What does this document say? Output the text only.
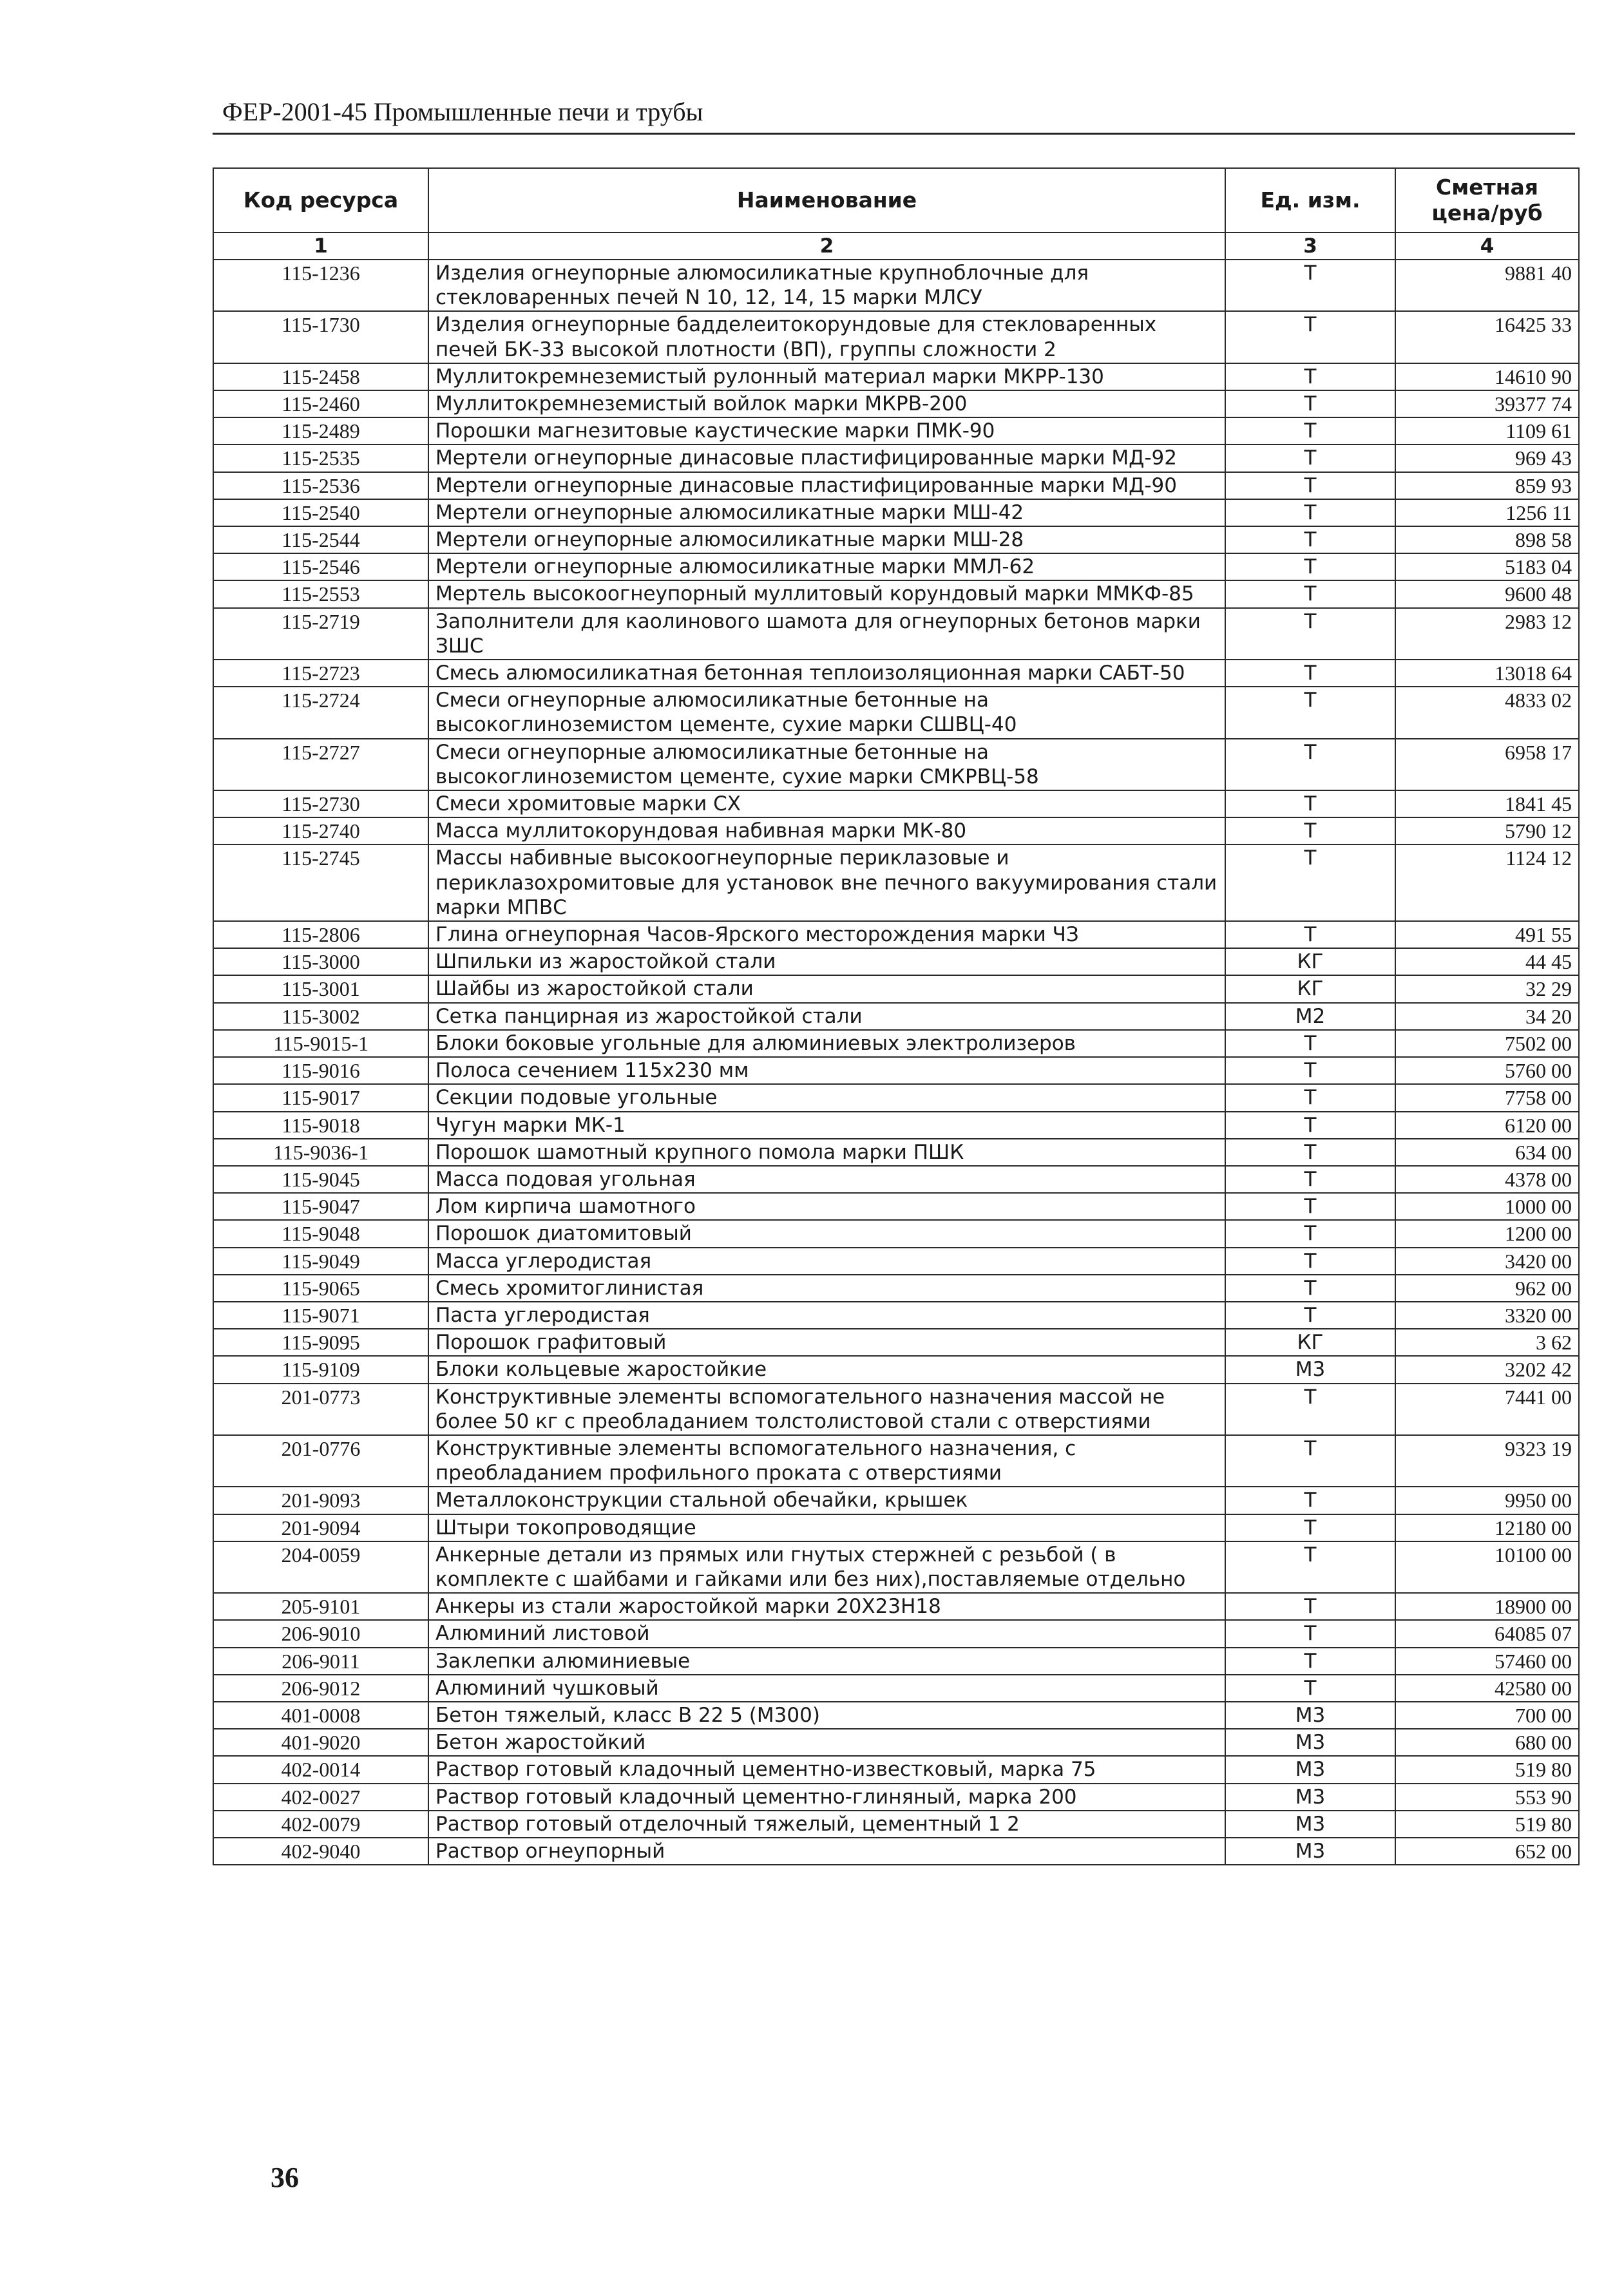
ФЕР-2001-45 Промышленные печи и трубы
Код ресурса	Наименование	Ед. изм.	Сметная цена/руб
1	2	3	4
115-1236	Изделия огнеупорные алюмосиликатные крупноблочные для стекловаренных печей N 10, 12, 14, 15 марки МЛСУ	Т	9881 40
115-1730	Изделия огнеупорные бадделеитокорундовые для стекловаренных печей БК-33 высокой плотности (ВП), группы сложности 2	Т	16425 33
115-2458	Муллитокремнеземистый рулонный материал марки МКРР-130	Т	14610 90
115-2460	Муллитокремнеземистый войлок марки МКРВ-200	Т	39377 74
115-2489	Порошки магнезитовые каустические марки ПМК-90	Т	1109 61
115-2535	Мертели огнеупорные динасовые пластифицированные марки МД-92	Т	969 43
115-2536	Мертели огнеупорные динасовые пластифицированные марки МД-90	Т	859 93
115-2540	Мертели огнеупорные алюмосиликатные марки МШ-42	Т	1256 11
115-2544	Мертели огнеупорные алюмосиликатные марки МШ-28	Т	898 58
115-2546	Мертели огнеупорные алюмосиликатные марки ММЛ-62	Т	5183 04
115-2553	Мертель высокоогнеупорный муллитовый корундовый марки ММКФ-85	Т	9600 48
115-2719	Заполнители для каолинового шамота для огнеупорных бетонов марки ЗШС	Т	2983 12
115-2723	Смесь алюмосиликатная бетонная теплоизоляционная марки САБТ-50	Т	13018 64
115-2724	Смеси огнеупорные алюмосиликатные бетонные на высокоглиноземистом цементе, сухие марки СШВЦ-40	Т	4833 02
115-2727	Смеси огнеупорные алюмосиликатные бетонные на высокоглиноземистом цементе, сухие марки СМКРВЦ-58	Т	6958 17
115-2730	Смеси хромитовые марки СХ	Т	1841 45
115-2740	Масса муллитокорундовая набивная марки МК-80	Т	5790 12
115-2745	Массы набивные высокоогнеупорные периклазовые и периклазохромитовые для установок вне печного вакуумирования стали марки МПВС	Т	1124 12
115-2806	Глина огнеупорная Часов-Ярского месторождения марки ЧЗ	Т	491 55
115-3000	Шпильки из жаростойкой стали	КГ	44 45
115-3001	Шайбы из жаростойкой стали	КГ	32 29
115-3002	Сетка панцирная из жаростойкой стали	М2	34 20
115-9015-1	Блоки боковые угольные для алюминиевых электролизеров	Т	7502 00
115-9016	Полоса сечением 115х230 мм	Т	5760 00
115-9017	Секции подовые угольные	Т	7758 00
115-9018	Чугун марки МК-1	Т	6120 00
115-9036-1	Порошок шамотный крупного помола марки ПШК	Т	634 00
115-9045	Масса подовая угольная	Т	4378 00
115-9047	Лом кирпича шамотного	Т	1000 00
115-9048	Порошок диатомитовый	Т	1200 00
115-9049	Масса углеродистая	Т	3420 00
115-9065	Смесь хромитоглинистая	Т	962 00
115-9071	Паста углеродистая	Т	3320 00
115-9095	Порошок графитовый	КГ	3 62
115-9109	Блоки кольцевые жаростойкие	М3	3202 42
201-0773	Конструктивные элементы вспомогательного назначения массой не более 50 кг с преобладанием толстолистовой стали с отверстиями	Т	7441 00
201-0776	Конструктивные элементы вспомогательного назначения, с преобладанием профильного проката с отверстиями	Т	9323 19
201-9093	Металлоконструкции стальной обечайки, крышек	Т	9950 00
201-9094	Штыри токопроводящие	Т	12180 00
204-0059	Анкерные детали из прямых или гнутых стержней с резьбой ( в комплекте с шайбами и гайками или без них),поставляемые отдельно	Т	10100 00
205-9101	Анкеры из стали жаростойкой марки 20Х23Н18	Т	18900 00
206-9010	Алюминий листовой	Т	64085 07
206-9011	Заклепки алюминиевые	Т	57460 00
206-9012	Алюминий чушковый	Т	42580 00
401-0008	Бетон тяжелый, класс В 22 5 (М300)	М3	700 00
401-9020	Бетон жаростойкий	М3	680 00
402-0014	Раствор готовый кладочный цементно-известковый, марка 75	М3	519 80
402-0027	Раствор готовый кладочный цементно-глиняный, марка 200	М3	553 90
402-0079	Раствор готовый отделочный тяжелый, цементный 1 2	М3	519 80
402-9040	Раствор огнеупорный	М3	652 00
36
